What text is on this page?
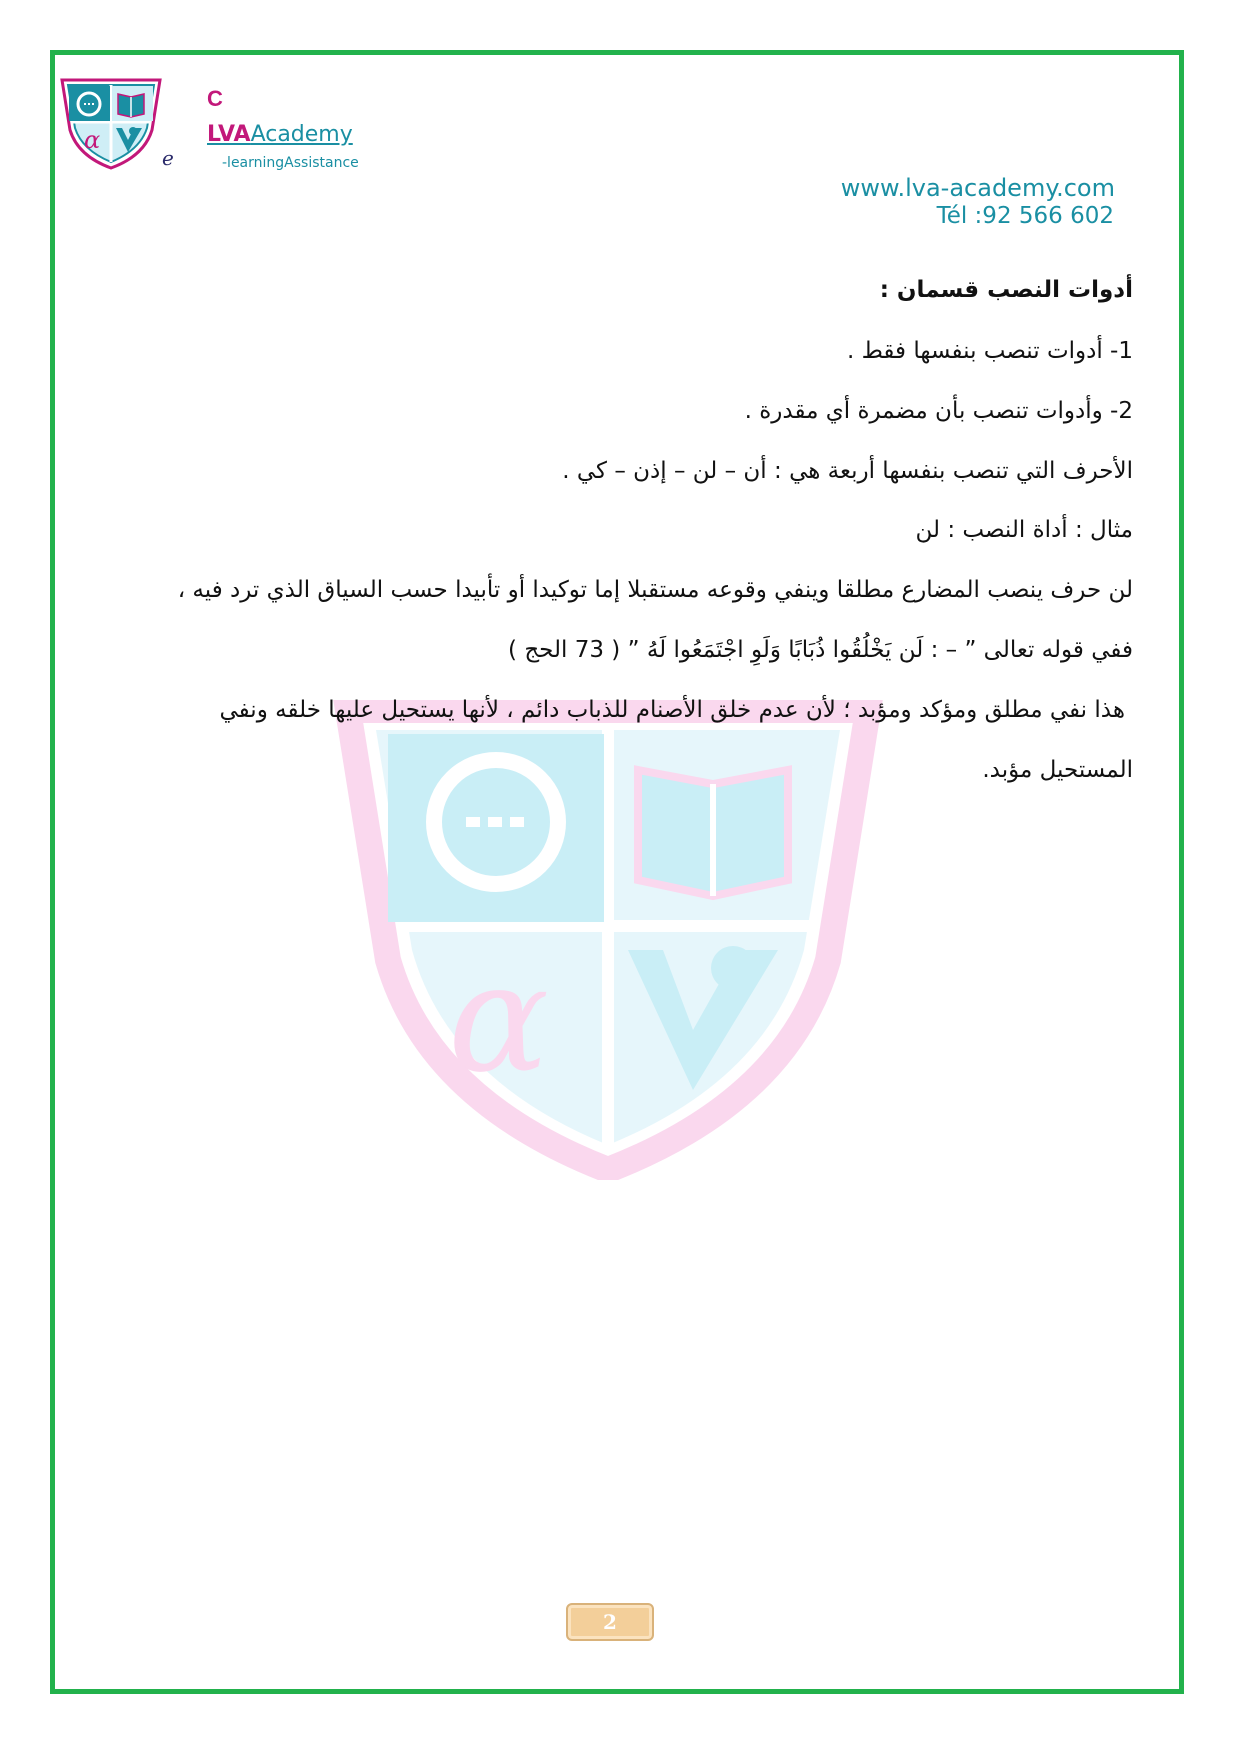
α
e
C
LVAAcademy
-learningAssistance
www.lva-academy.com
Tél :92 566 602
α
أدوات النصب قسمان :
1- أدوات تنصب بنفسها فقط .
2- وأدوات تنصب بأن مضمرة أي مقدرة .
الأحرف التي تنصب بنفسها أربعة هي : أن – لن – إذن – كي .
مثال : أداة النصب : لن
لن حرف ينصب المضارع مطلقا وينفي وقوعه مستقبلا إما توكيدا أو تأبيدا حسب السياق الذي ترد فيه ،
ففي قوله تعالى ” – : لَن يَخْلُقُوا ذُبَابًا وَلَوِ اجْتَمَعُوا لَهُ ” ( 73 الحج )
هذا نفي مطلق ومؤكد ومؤبد ؛ لأن عدم خلق الأصنام للذباب دائم ، لأنها يستحيل عليها خلقه ونفي
المستحيل مؤبد.
2
